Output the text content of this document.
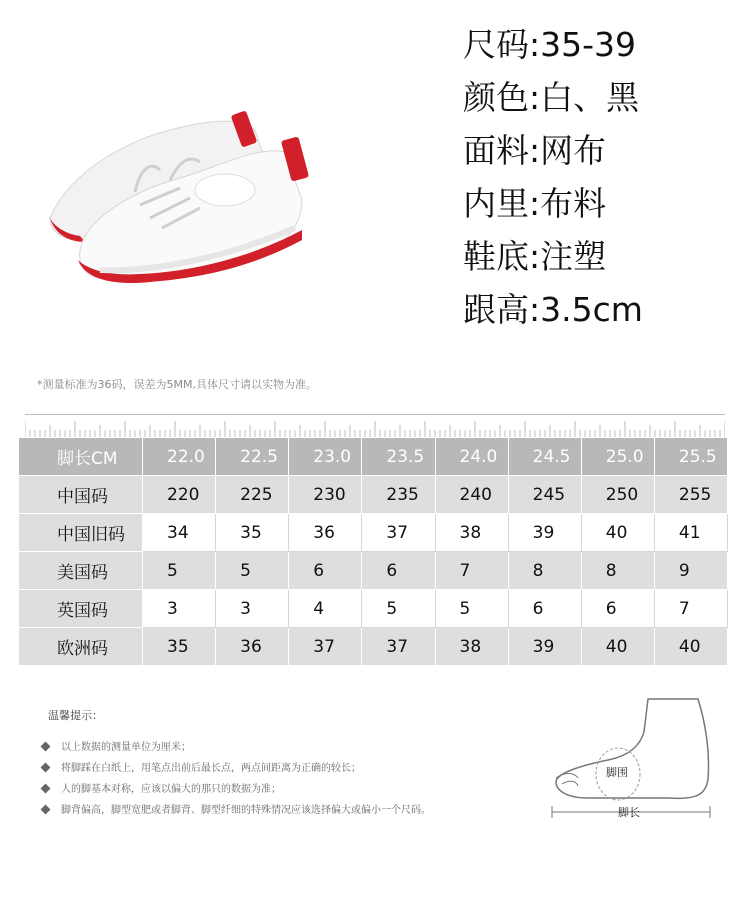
尺码:35-39
颜色:白、黑
面料:网布
内里:布料
鞋底:注塑
跟高:3.5cm
*测量标准为36码，误差为5MM,具体尺寸请以实物为准。
脚长CM	22.0	22.5	23.0	23.5	24.0	24.5	25.0	25.5
中国码	220	225	230	235	240	245	250	255
中国旧码	34	35	36	37	38	39	40	41
美国码	5	5	6	6	7	8	8	9
英国码	3	3	4	5	5	6	6	7
欧洲码	35	36	37	37	38	39	40	40
温馨提示：
以上数据的测量单位为厘米；
将脚踩在白纸上，用笔点出前后最长点，两点间距离为正确的较长；
人的脚基本对称，应该以偏大的那只的数据为准；
脚背偏高，脚型宽肥或者脚背、脚型纤细的特殊情况应该选择偏大或偏小一个尺码。
脚围
脚长
